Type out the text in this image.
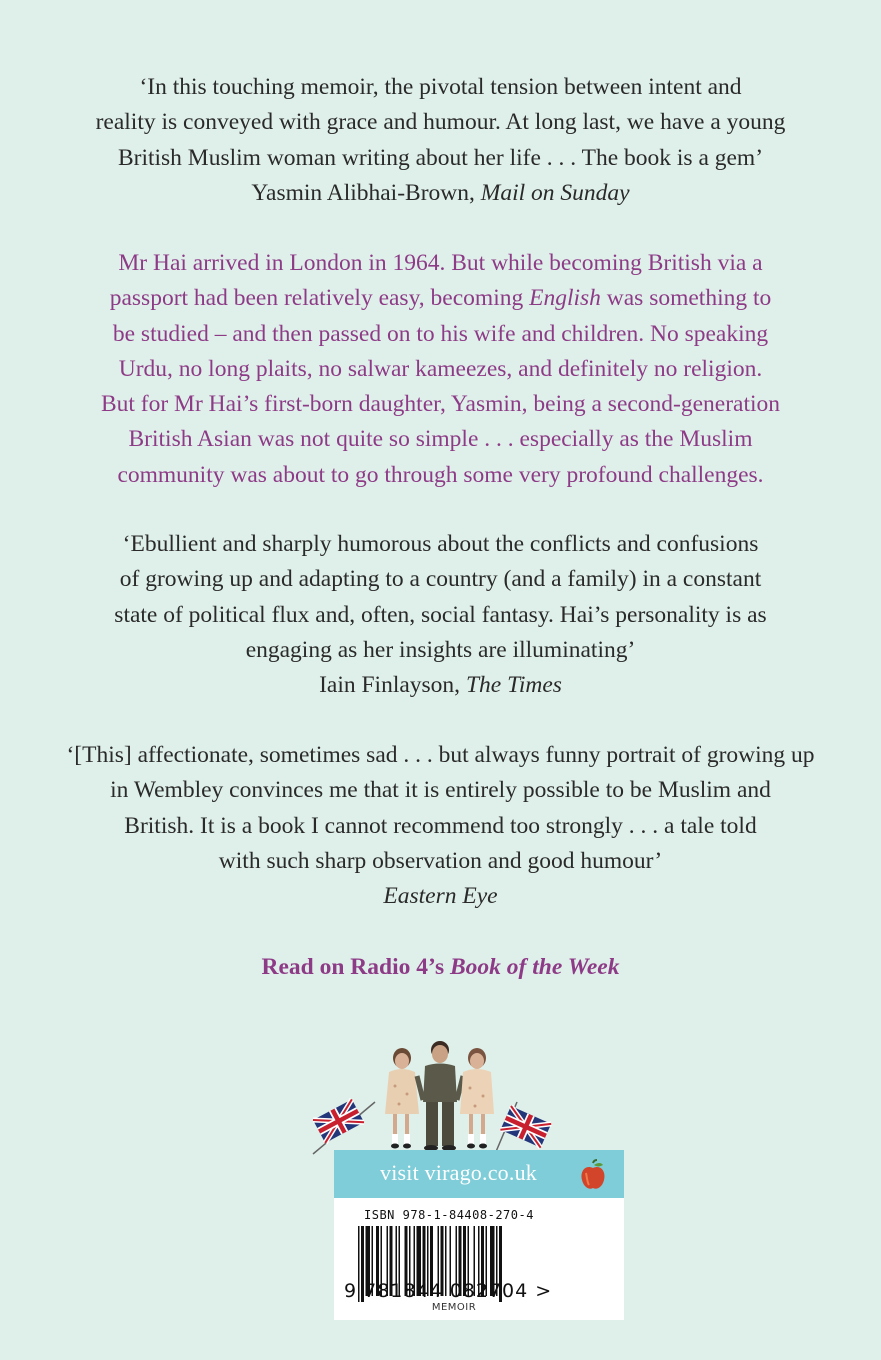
‘In this touching memoir, the pivotal tension between intent and
reality is conveyed with grace and humour. At long last, we have a young
British Muslim woman writing about her life . . . The book is a gem’
Yasmin Alibhai-Brown, Mail on Sunday
Mr Hai arrived in London in 1964. But while becoming British via a
passport had been relatively easy, becoming English was something to
be studied – and then passed on to his wife and children. No speaking
Urdu, no long plaits, no salwar kameezes, and definitely no religion.
But for Mr Hai’s first-born daughter, Yasmin, being a second-generation
British Asian was not quite so simple . . . especially as the Muslim
community was about to go through some very profound challenges.
‘Ebullient and sharply humorous about the conflicts and confusions
of growing up and adapting to a country (and a family) in a constant
state of political flux and, often, social fantasy. Hai’s personality is as
engaging as her insights are illuminating’
Iain Finlayson, The Times
‘[This] affectionate, sometimes sad . . . but always funny portrait of growing up
in Wembley convinces me that it is entirely possible to be Muslim and
British. It is a book I cannot recommend too strongly . . . a tale told
with such sharp observation and good humour’
Eastern Eye
Read on Radio 4’s Book of the Week
visit virago.co.uk
ISBN 978-1-84408-270-4
9 781844 082704 >
MEMOIR
